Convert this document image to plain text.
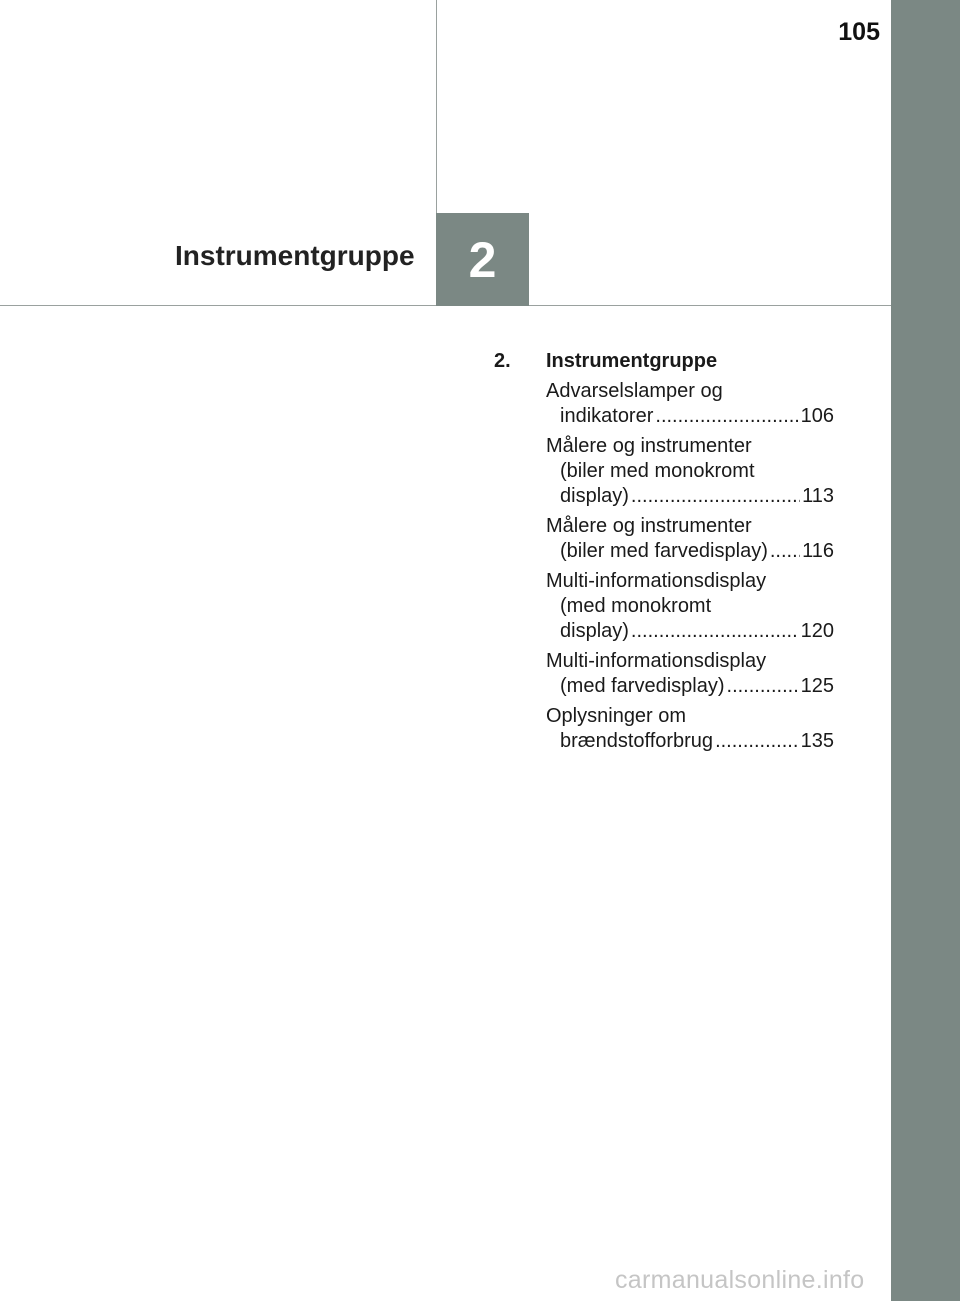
105
Instrumentgruppe	2
2.	Instrumentgruppe
Advarselslamper og
indikatorer .....	106
Målere og instrumenter
(biler med monokromt
display) .....	113
Målere og instrumenter
(biler med farvedisplay) ..... 116
Multi-informationsdisplay
(med monokromt
display) .....	120
Multi-informationsdisplay
(med farvedisplay) .....	125
Oplysninger om
brændstofforbrug .....	135
carmanualsonline.info
